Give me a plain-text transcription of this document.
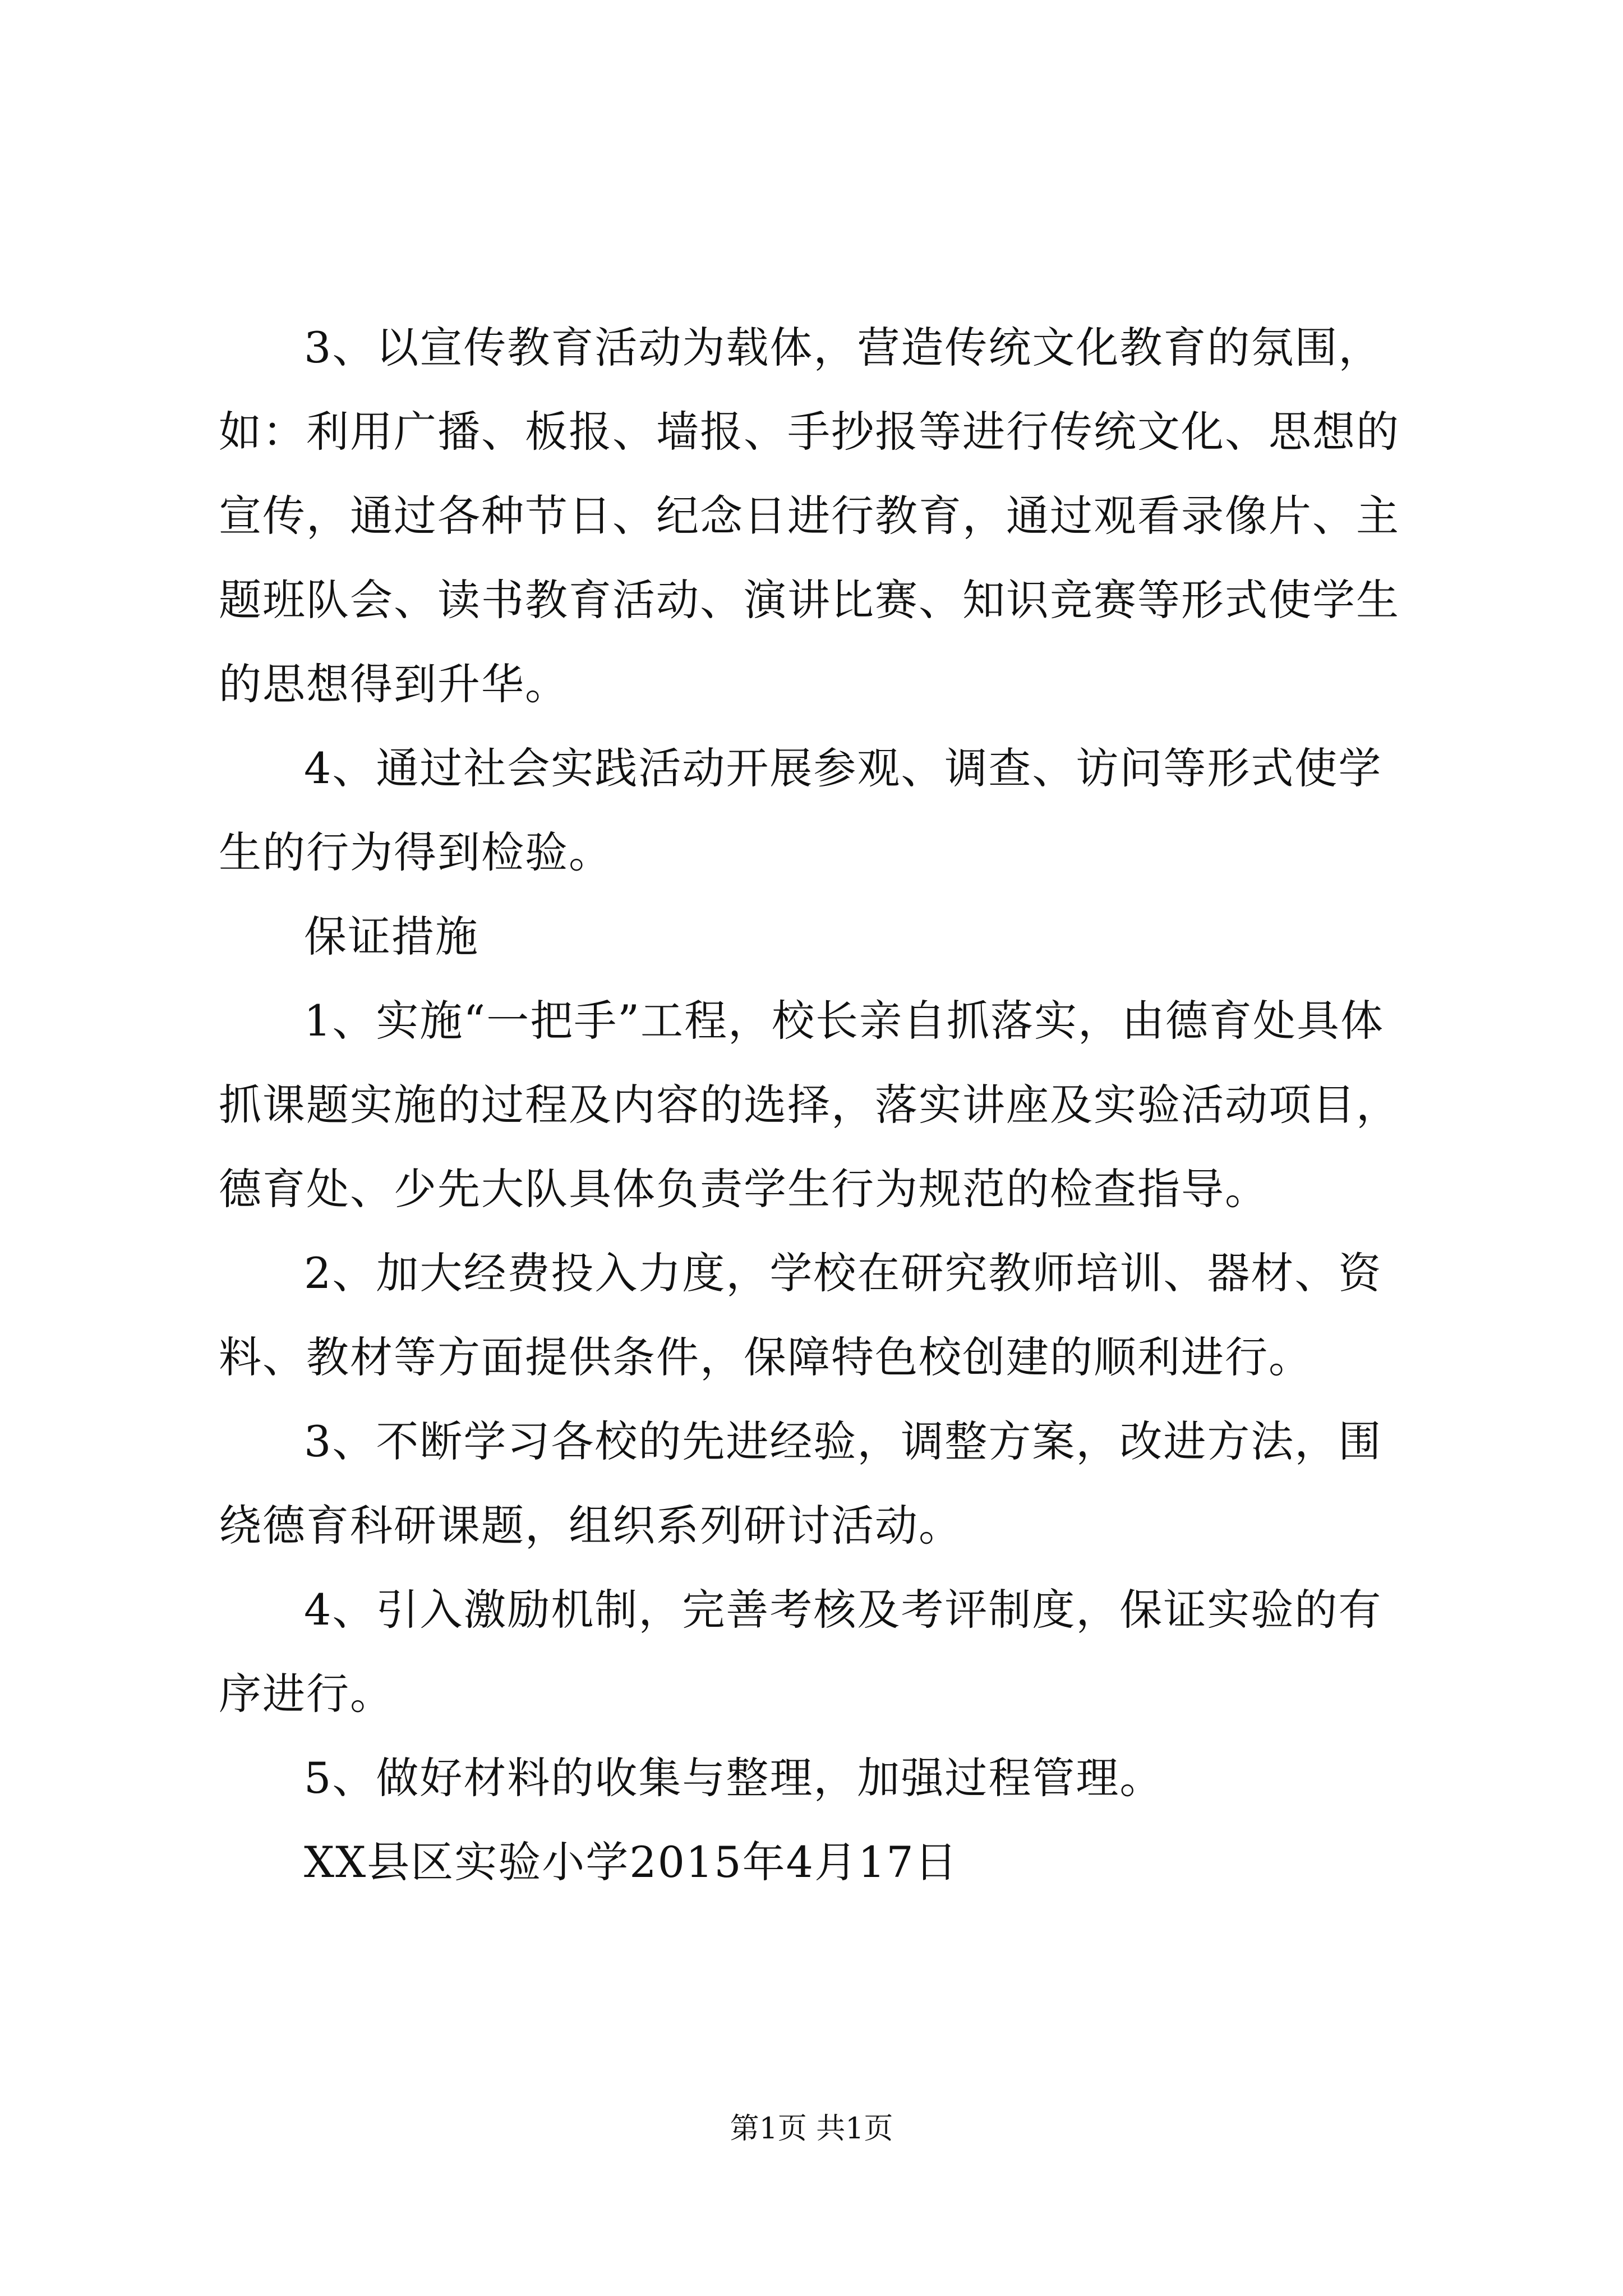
3、以宣传教育活动为载体，营造传统文化教育的氛围，如：利用广播、板报、墙报、手抄报等进行传统文化、思想的宣传，通过各种节日、纪念日进行教育，通过观看录像片、主题班队会、读书教育活动、演讲比赛、知识竞赛等形式使学生的思想得到升华。

4、通过社会实践活动开展参观、调查、访问等形式使学生的行为得到检验。

保证措施

1、实施“一把手”工程，校长亲自抓落实，由德育处具体抓课题实施的过程及内容的选择，落实讲座及实验活动项目，德育处、少先大队具体负责学生行为规范的检查指导。

2、加大经费投入力度，学校在研究教师培训、器材、资料、教材等方面提供条件，保障特色校创建的顺利进行。

3、不断学习各校的先进经验，调整方案，改进方法，围绕德育科研课题，组织系列研讨活动。

4、引入激励机制，完善考核及考评制度，保证实验的有序进行。

5、做好材料的收集与整理，加强过程管理。

XX县区实验小学2015年4月17日

第1页 共1页
